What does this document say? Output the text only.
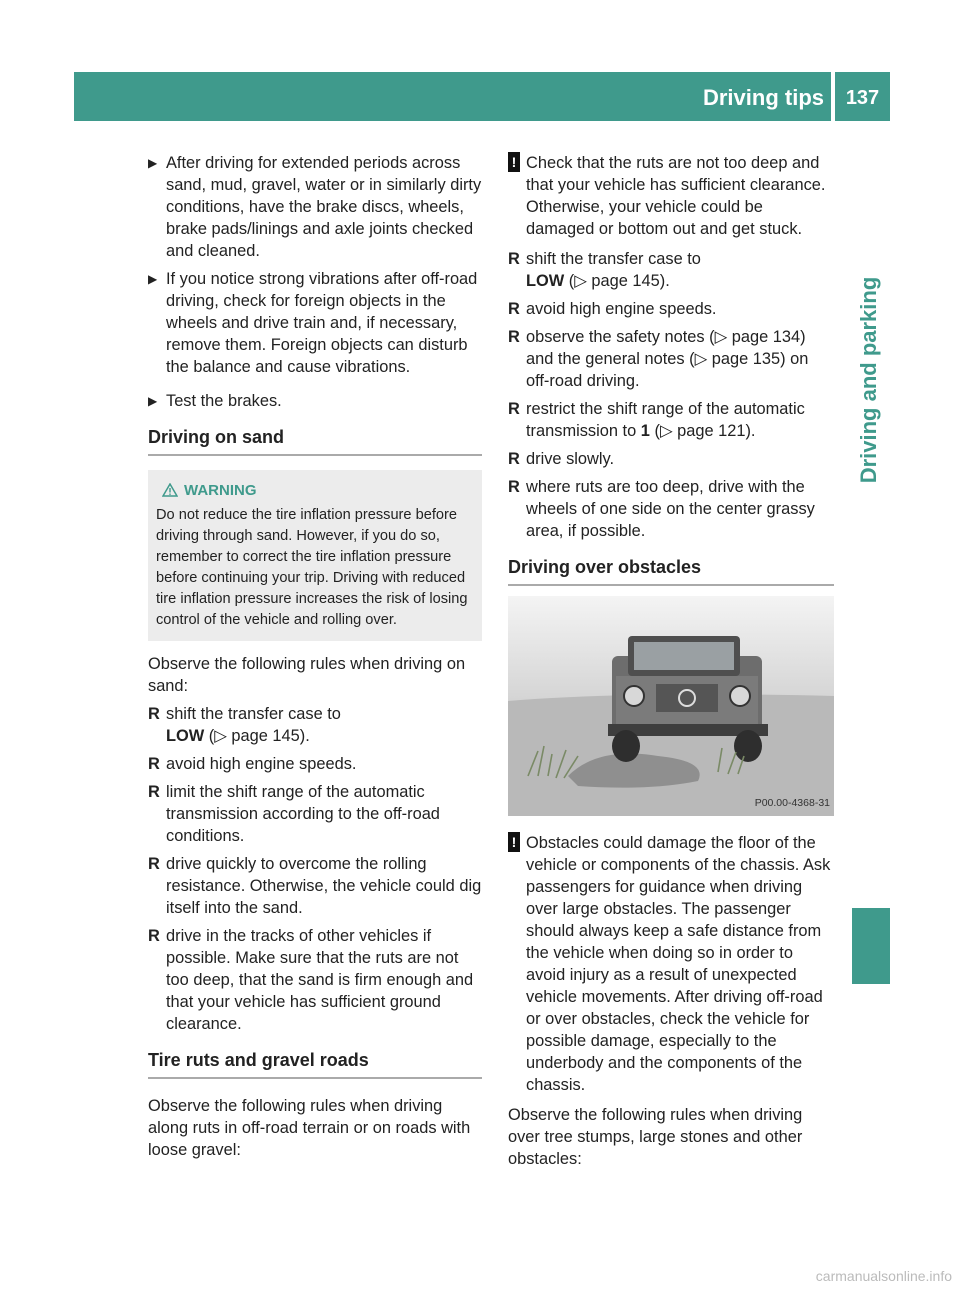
Driving tips	137
Driving and parking
▶ After driving for extended periods across sand, mud, gravel, water or in similarly dirty conditions, have the brake discs, wheels, brake pads/linings and axle joints checked and cleaned.
▶ If you notice strong vibrations after off-road driving, check for foreign objects in the wheels and drive train and, if necessary, remove them. Foreign objects can disturb the balance and cause vibrations.
▶ Test the brakes.
Driving on sand
WARNING
Do not reduce the tire inflation pressure before driving through sand. However, if you do so, remember to correct the tire inflation pressure before continuing your trip. Driving with reduced tire inflation pressure increases the risk of losing control of the vehicle and rolling over.

Observe the following rules when driving on sand:

R shift the transfer case to
LOW (▷ page 145).
R avoid high engine speeds.
R limit the shift range of the automatic transmission according to the off-road conditions.
R drive quickly to overcome the rolling resistance. Otherwise, the vehicle could dig itself into the sand.
R drive in the tracks of other vehicles if possible. Make sure that the ruts are not too deep, that the sand is firm enough and that your vehicle has sufficient ground clearance.
Tire ruts and gravel roads

Observe the following rules when driving along ruts in off-road terrain or on roads with loose gravel:

! Check that the ruts are not too deep and that your vehicle has sufficient clearance. Otherwise, your vehicle could be damaged or bottom out and get stuck.
R shift the transfer case to
LOW (▷ page 145).
R avoid high engine speeds.
R observe the safety notes (▷ page 134) and the general notes (▷ page 135) on off-road driving.
R restrict the shift range of the automatic transmission to 1 (▷ page 121).
R drive slowly.
R where ruts are too deep, drive with the wheels of one side on the center grassy area, if possible.
Driving over obstacles
P00.00-4368-31
! Obstacles could damage the floor of the vehicle or components of the chassis. Ask passengers for guidance when driving over large obstacles. The passenger should always keep a safe distance from the vehicle when doing so in order to avoid injury as a result of unexpected vehicle movements. After driving off-road or over obstacles, check the vehicle for possible damage, especially to the underbody and the components of the chassis.

Observe the following rules when driving over tree stumps, large stones and other obstacles:

carmanualsonline.info
